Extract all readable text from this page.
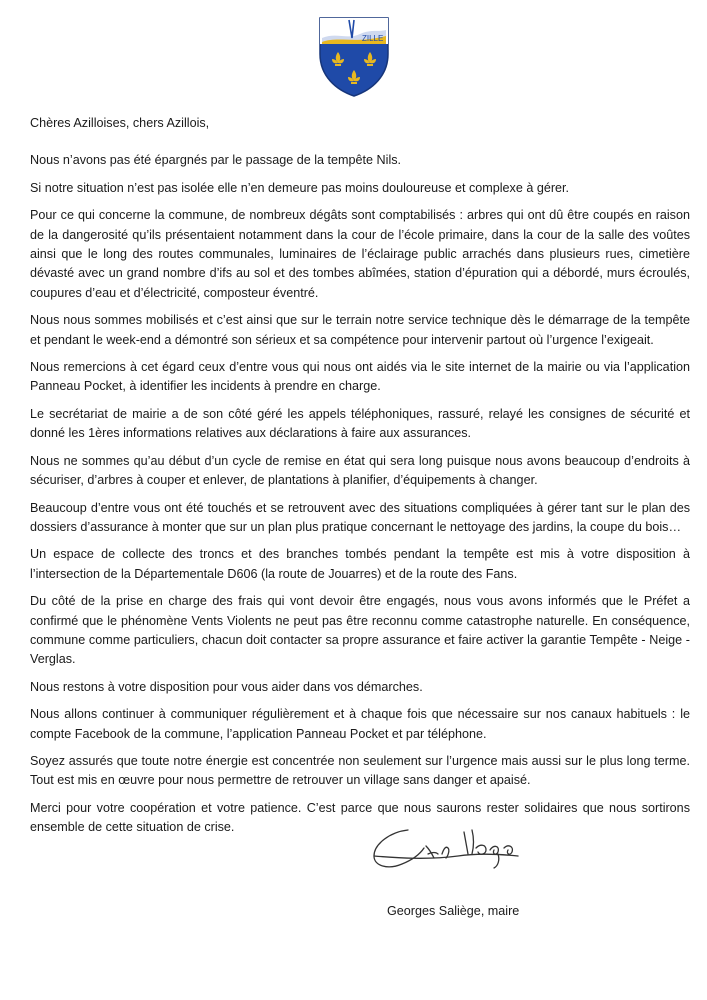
ZILLE

Chères Azilloises, chers Azillois,

Nous n’avons pas été épargnés par le passage de la tempête Nils.

Si notre situation n’est pas isolée elle n’en demeure pas moins douloureuse et complexe à gérer.

Pour ce qui concerne la commune, de nombreux dégâts sont comptabilisés : arbres qui ont dû être coupés en raison de la dangerosité qu’ils présentaient notamment dans la cour de l’école primaire, dans la cour de la salle des voûtes ainsi que le long des routes communales, luminaires de l’éclairage public arrachés dans plusieurs rues, cimetière dévasté avec un grand nombre d’ifs au sol et des tombes abîmées, station d’épuration qui a débordé, murs écroulés, coupures d’eau et d’électricité, composteur éventré.

Nous nous sommes mobilisés et c’est ainsi que sur le terrain notre service technique dès le démarrage de la tempête et pendant le week-end a démontré son sérieux et sa compétence pour intervenir partout où l’urgence l’exigeait.

Nous remercions à cet égard ceux d’entre vous qui nous ont aidés via le site internet de la mairie ou via l’application Panneau Pocket, à identifier les incidents à prendre en charge.

Le secrétariat de mairie a de son côté géré les appels téléphoniques, rassuré, relayé les consignes de sécurité et donné les 1ères informations relatives aux déclarations à faire aux assurances.

Nous ne sommes qu’au début d’un cycle de remise en état qui sera long puisque nous avons beaucoup d’endroits à sécuriser, d’arbres à couper et enlever, de plantations à planifier, d’équipements à changer.

Beaucoup d’entre vous ont été touchés et se retrouvent avec des situations compliquées à gérer tant sur le plan des dossiers d’assurance à monter que sur un plan plus pratique concernant le nettoyage des jardins, la coupe du bois…

Un espace de collecte des troncs et des branches tombés pendant la tempête est mis à votre disposition à l’intersection de la Départementale D606 (la route de Jouarres) et de la route des Fans.

Du côté de la prise en charge des frais qui vont devoir être engagés, nous vous avons informés que le Préfet a confirmé que le phénomène Vents Violents ne peut pas être reconnu comme catastrophe naturelle. En conséquence, commune comme particuliers, chacun doit contacter sa propre assurance et faire activer la garantie Tempête - Neige - Verglas.

Nous restons à votre disposition pour vous aider dans vos démarches.

Nous allons continuer à communiquer régulièrement et à chaque fois que nécessaire sur nos canaux habituels : le compte Facebook de la commune, l’application Panneau Pocket et par téléphone.

Soyez assurés que toute notre énergie est concentrée non seulement sur l’urgence mais aussi sur le plus long terme. Tout est mis en œuvre pour nous permettre de retrouver un village sans danger et apaisé.

Merci pour votre coopération et votre patience. C’est parce que nous saurons rester solidaires que nous sortirons ensemble de cette situation de crise.

Georges Saliège, maire
